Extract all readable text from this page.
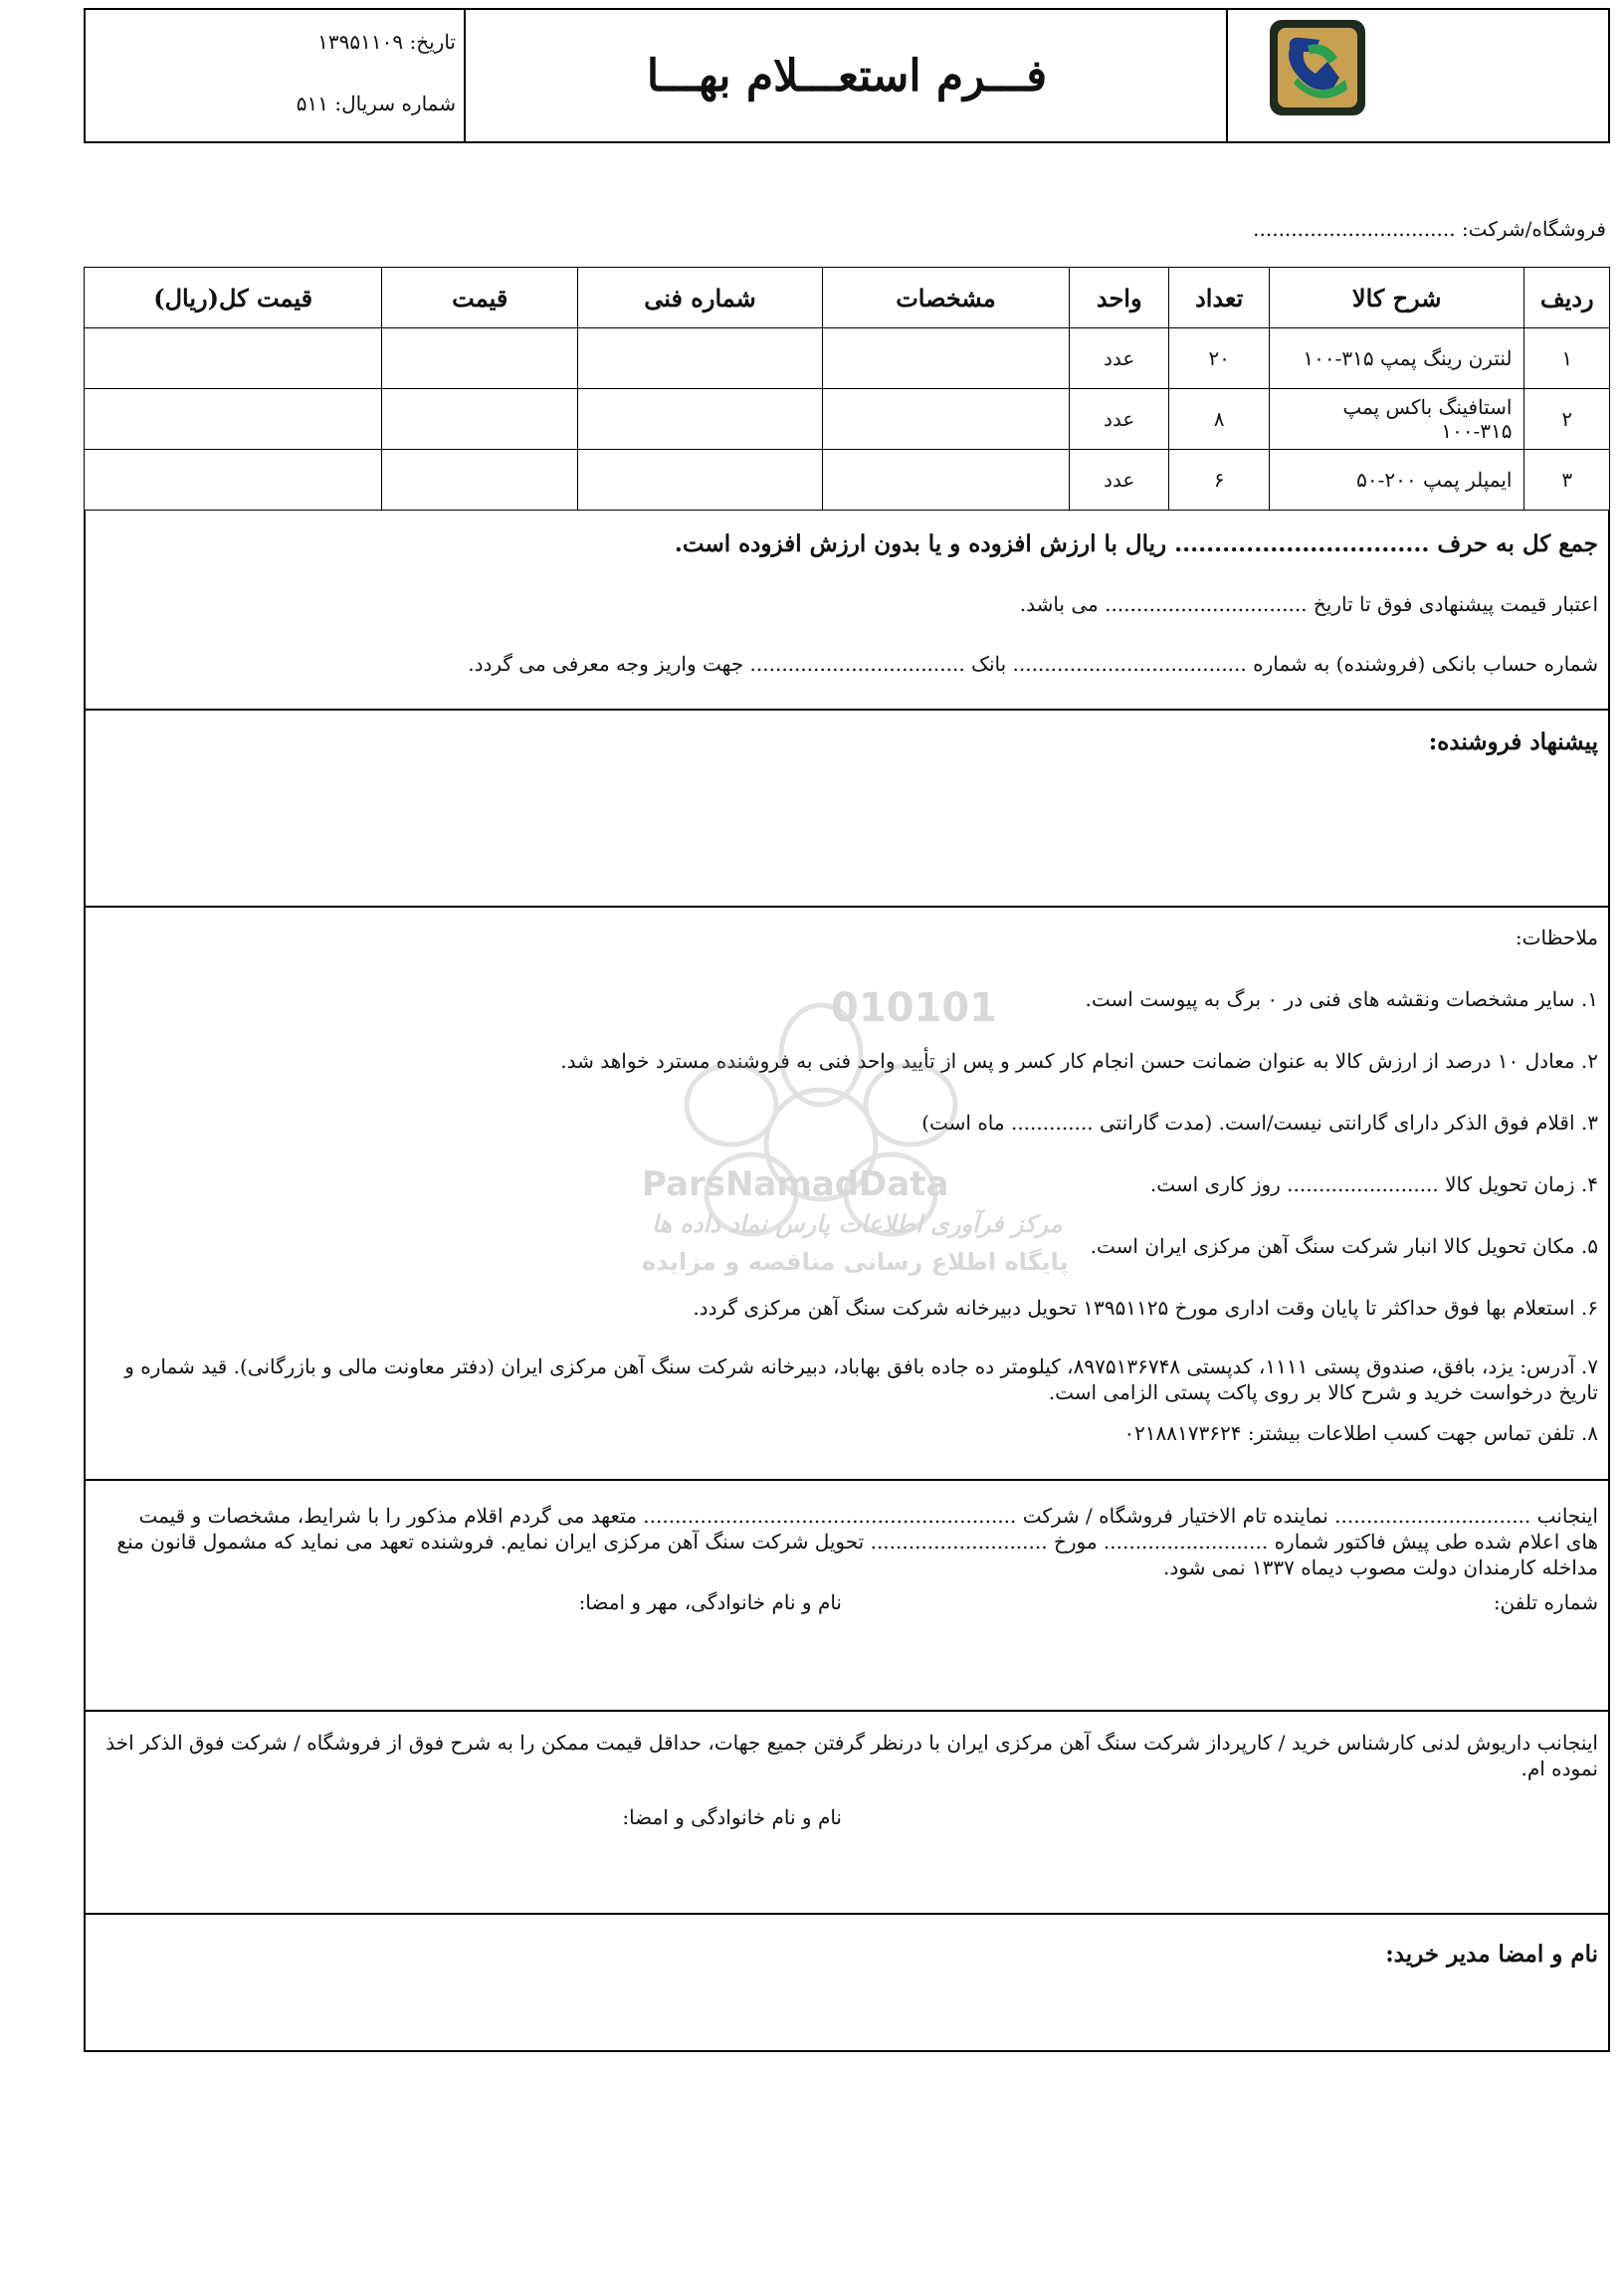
فـــرم استعـــلام بهـــا
تاریخ: ۱۳۹۵۱۱۰۹
شماره سریال: ۵۱۱
فروشگاه/شرکت: ................................
ردیف	شرح کالا	تعداد	واحد	مشخصات	شماره فنی	قیمت	قیمت کل(ریال)
۱	لنترن رینگ پمپ ۳۱۵-۱۰۰	۲۰	عدد				
۲	استافینگ باکس پمپ ۳۱۵-۱۰۰	۸	عدد				
۳	ایمپلر پمپ ۲۰۰-۵۰	۶	عدد				
جمع کل به حرف ................................ ریال با ارزش افزوده و یا بدون ارزش افزوده است.
اعتبار قیمت پیشنهادی فوق تا تاریخ ................................ می باشد.
شماره حساب بانکی (فروشنده) به شماره ..................................... بانک .................................. جهت واریز وجه معرفی می گردد.
پیشنهاد فروشنده:
ملاحظات:
۱. سایر مشخصات ونقشه های فنی در ۰ برگ به پیوست است.
۲. معادل ۱۰ درصد از ارزش کالا به عنوان ضمانت حسن انجام کار کسر و پس از تأیید واحد فنی به فروشنده مسترد خواهد شد.
۳. اقلام فوق الذکر دارای گارانتی نیست/است. (مدت گارانتی ............. ماه است)
۴. زمان تحویل کالا ........................ روز کاری است.
۵. مکان تحویل کالا انبار شرکت سنگ آهن مرکزی ایران است.
۶. استعلام بها فوق حداکثر تا پایان وقت اداری مورخ ۱۳۹۵۱۱۲۵ تحویل دبیرخانه شرکت سنگ آهن مرکزی گردد.
۷. آدرس: یزد، بافق، صندوق پستی ۱۱۱۱، کدپستی ۸۹۷۵۱۳۶۷۴۸، کیلومتر ده جاده بافق بهاباد، دبیرخانه شرکت سنگ آهن مرکزی ایران (دفتر معاونت مالی و بازرگانی). قید شماره و تاریخ درخواست خرید و شرح کالا بر روی پاکت پستی الزامی است.
۸. تلفن تماس جهت کسب اطلاعات بیشتر: ۰۲۱۸۸۱۷۳۶۲۴
010101
ParsNamadData
مرکز فرآوری اطلاعات پارس نماد داده ها
پایگاه اطلاع رسانی مناقصه و مزایده
اینجانب ............................... نماینده تام الاختیار فروشگاه / شرکت ........................................................... متعهد می گردم اقلام مذکور را با شرایط، مشخصات و قیمت های اعلام شده طی پیش فاکتور شماره .......................... مورخ ............................ تحویل شرکت سنگ آهن مرکزی ایران نمایم. فروشنده تعهد می نماید که مشمول قانون منع مداخله کارمندان دولت مصوب دیماه ۱۳۳۷ نمی شود.
شماره تلفن:
نام و نام خانوادگی، مهر و امضا:
اینجانب داریوش لدنی کارشناس خرید / کارپرداز شرکت سنگ آهن مرکزی ایران با درنظر گرفتن جمیع جهات، حداقل قیمت ممکن را به شرح فوق از فروشگاه / شرکت فوق الذکر اخذ نموده ام.
نام و نام خانوادگی و امضا:
نام و امضا مدیر خرید:
